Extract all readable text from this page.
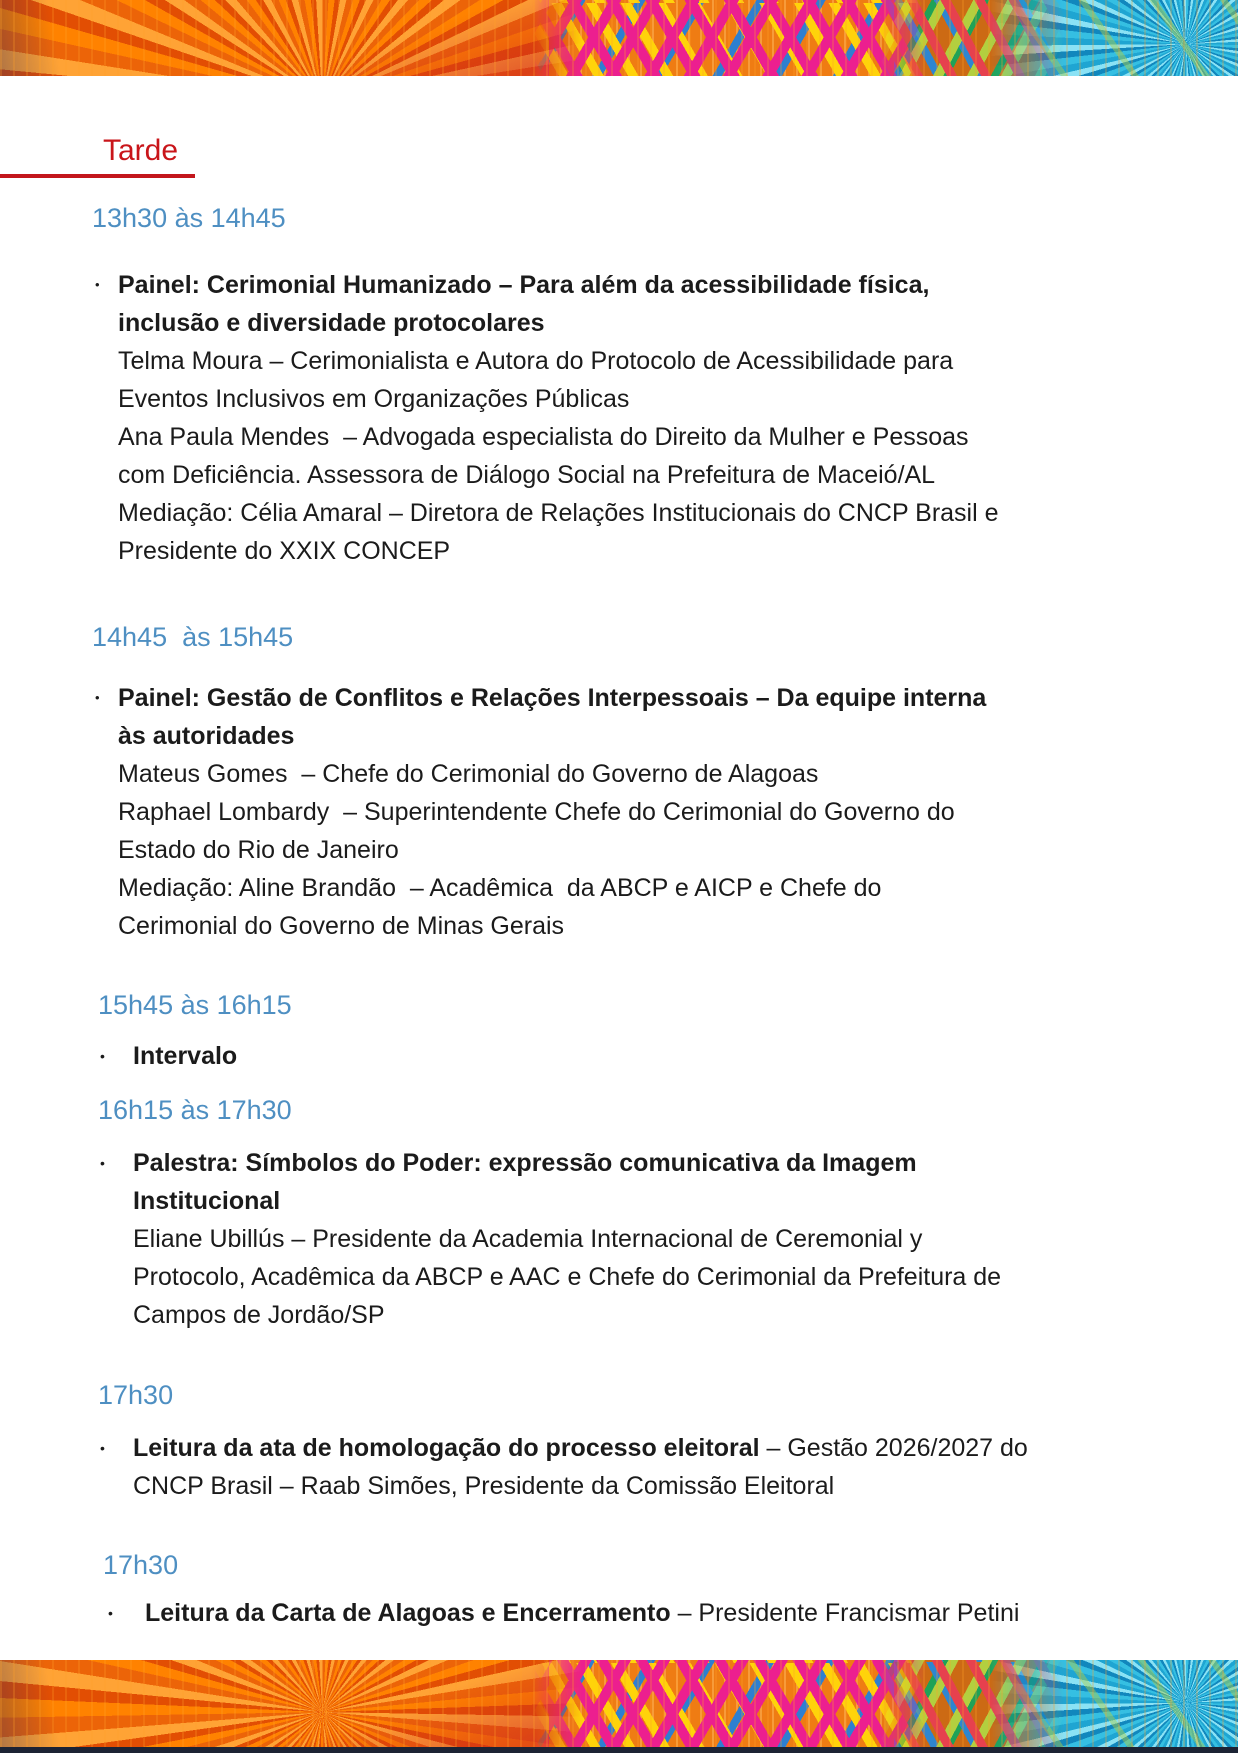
Tarde
13h30 às 14h45
• Painel: Cerimonial Humanizado – Para além da acessibilidade física,
inclusão e diversidade protocolares
Telma Moura – Cerimonialista e Autora do Protocolo de Acessibilidade para
Eventos Inclusivos em Organizações Públicas
Ana Paula Mendes  – Advogada especialista do Direito da Mulher e Pessoas
com Deficiência. Assessora de Diálogo Social na Prefeitura de Maceió/AL
Mediação: Célia Amaral – Diretora de Relações Institucionais do CNCP Brasil e
Presidente do XXIX CONCEP
14h45  às 15h45
• Painel: Gestão de Conflitos e Relações Interpessoais – Da equipe interna
às autoridades
Mateus Gomes  – Chefe do Cerimonial do Governo de Alagoas
Raphael Lombardy  – Superintendente Chefe do Cerimonial do Governo do
Estado do Rio de Janeiro
Mediação: Aline Brandão  – Acadêmica  da ABCP e AICP e Chefe do
Cerimonial do Governo de Minas Gerais
15h45 às 16h15
•	Intervalo
16h15 às 17h30
•	Palestra: Símbolos do Poder: expressão comunicativa da Imagem
Institucional
Eliane Ubillús – Presidente da Academia Internacional de Ceremonial y
Protocolo, Acadêmica da ABCP e AAC e Chefe do Cerimonial da Prefeitura de
Campos de Jordão/SP
17h30
•	Leitura da ata de homologação do processo eleitoral – Gestão 2026/2027 do
CNCP Brasil – Raab Simões, Presidente da Comissão Eleitoral
17h30
•	Leitura da Carta de Alagoas e Encerramento – Presidente Francismar Petini
